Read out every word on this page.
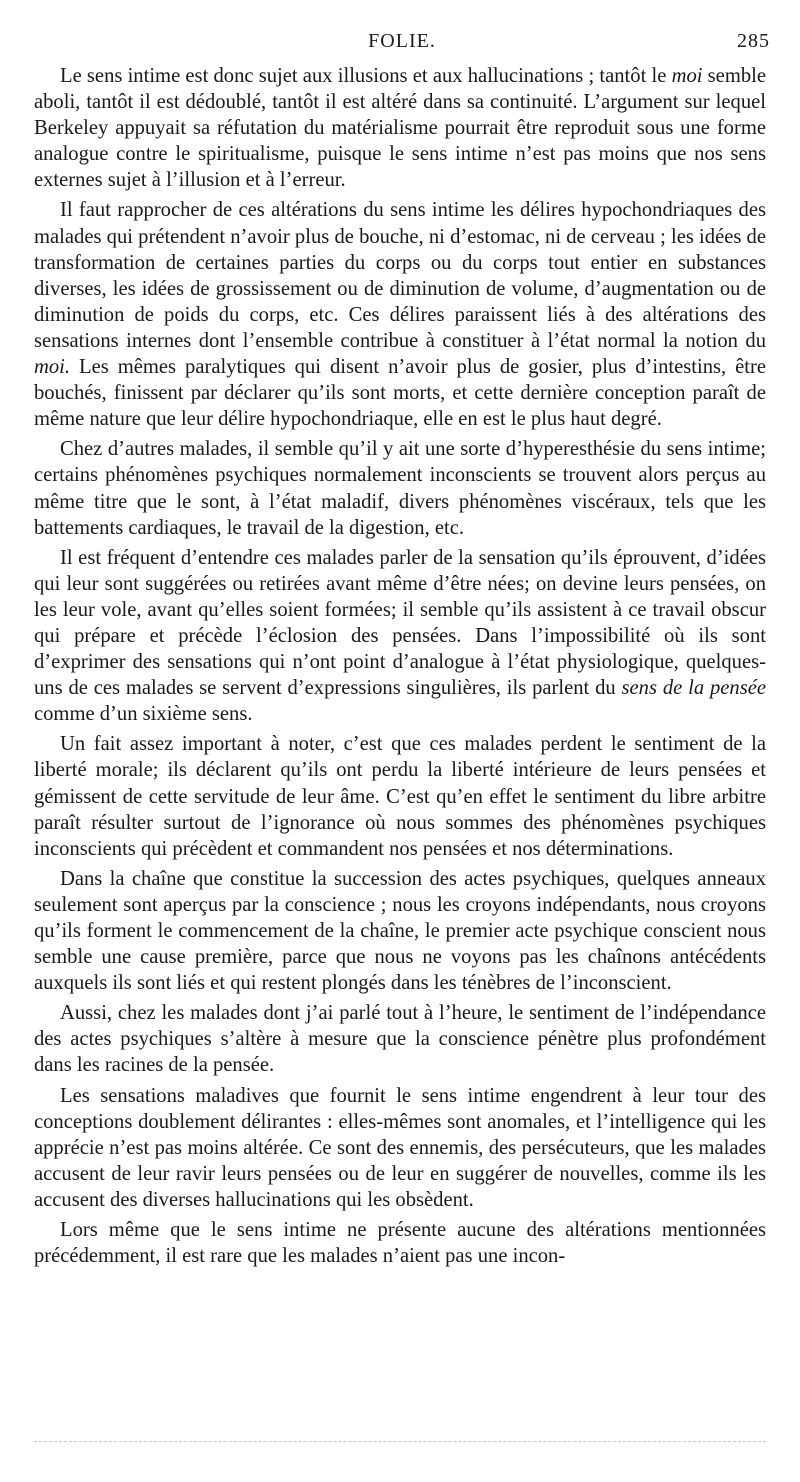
FOLIE.	285

Le sens intime est donc sujet aux illusions et aux hallucinations ; tantôt le moi semble aboli, tantôt il est dédoublé, tantôt il est altéré dans sa continuité. L’argument sur lequel Berkeley appuyait sa réfutation du matérialisme pourrait être reproduit sous une forme analogue contre le spiritualisme, puisque le sens intime n’est pas moins que nos sens externes sujet à l’illusion et à l’erreur.

Il faut rapprocher de ces altérations du sens intime les délires hypochondriaques des malades qui prétendent n’avoir plus de bouche, ni d’estomac, ni de cerveau ; les idées de transformation de certaines parties du corps ou du corps tout entier en substances diverses, les idées de grossissement ou de diminution de volume, d’augmentation ou de diminution de poids du corps, etc. Ces délires paraissent liés à des altérations des sensations internes dont l’ensemble contribue à constituer à l’état normal la notion du moi. Les mêmes paralytiques qui disent n’avoir plus de gosier, plus d’intestins, être bouchés, finissent par déclarer qu’ils sont morts, et cette dernière conception paraît de même nature que leur délire hypochondriaque, elle en est le plus haut degré.

Chez d’autres malades, il semble qu’il y ait une sorte d’hyperesthésie du sens intime; certains phénomènes psychiques normalement inconscients se trouvent alors perçus au même titre que le sont, à l’état maladif, divers phénomènes viscéraux, tels que les battements cardiaques, le travail de la digestion, etc.

Il est fréquent d’entendre ces malades parler de la sensation qu’ils éprouvent, d’idées qui leur sont suggérées ou retirées avant même d’être nées; on devine leurs pensées, on les leur vole, avant qu’elles soient formées; il semble qu’ils assistent à ce travail obscur qui prépare et précède l’éclosion des pensées. Dans l’impossibilité où ils sont d’exprimer des sensations qui n’ont point d’analogue à l’état physiologique, quelques-uns de ces malades se servent d’expressions singulières, ils parlent du sens de la pensée comme d’un sixième sens.

Un fait assez important à noter, c’est que ces malades perdent le sentiment de la liberté morale; ils déclarent qu’ils ont perdu la liberté intérieure de leurs pensées et gémissent de cette servitude de leur âme. C’est qu’en effet le sentiment du libre arbitre paraît résulter surtout de l’ignorance où nous sommes des phénomènes psychiques inconscients qui précèdent et commandent nos pensées et nos déterminations.

Dans la chaîne que constitue la succession des actes psychiques, quelques anneaux seulement sont aperçus par la conscience ; nous les croyons indépendants, nous croyons qu’ils forment le commencement de la chaîne, le premier acte psychique conscient nous semble une cause première, parce que nous ne voyons pas les chaînons antécédents auxquels ils sont liés et qui restent plongés dans les ténèbres de l’inconscient.

Aussi, chez les malades dont j’ai parlé tout à l’heure, le sentiment de l’indépendance des actes psychiques s’altère à mesure que la conscience pénètre plus profondément dans les racines de la pensée.

Les sensations maladives que fournit le sens intime engendrent à leur tour des conceptions doublement délirantes : elles-mêmes sont anomales, et l’intelligence qui les apprécie n’est pas moins altérée. Ce sont des ennemis, des persécuteurs, que les malades accusent de leur ravir leurs pensées ou de leur en suggérer de nouvelles, comme ils les accusent des diverses hallucinations qui les obsèdent.

Lors même que le sens intime ne présente aucune des altérations mentionnées précédemment, il est rare que les malades n’aient pas une incon-
